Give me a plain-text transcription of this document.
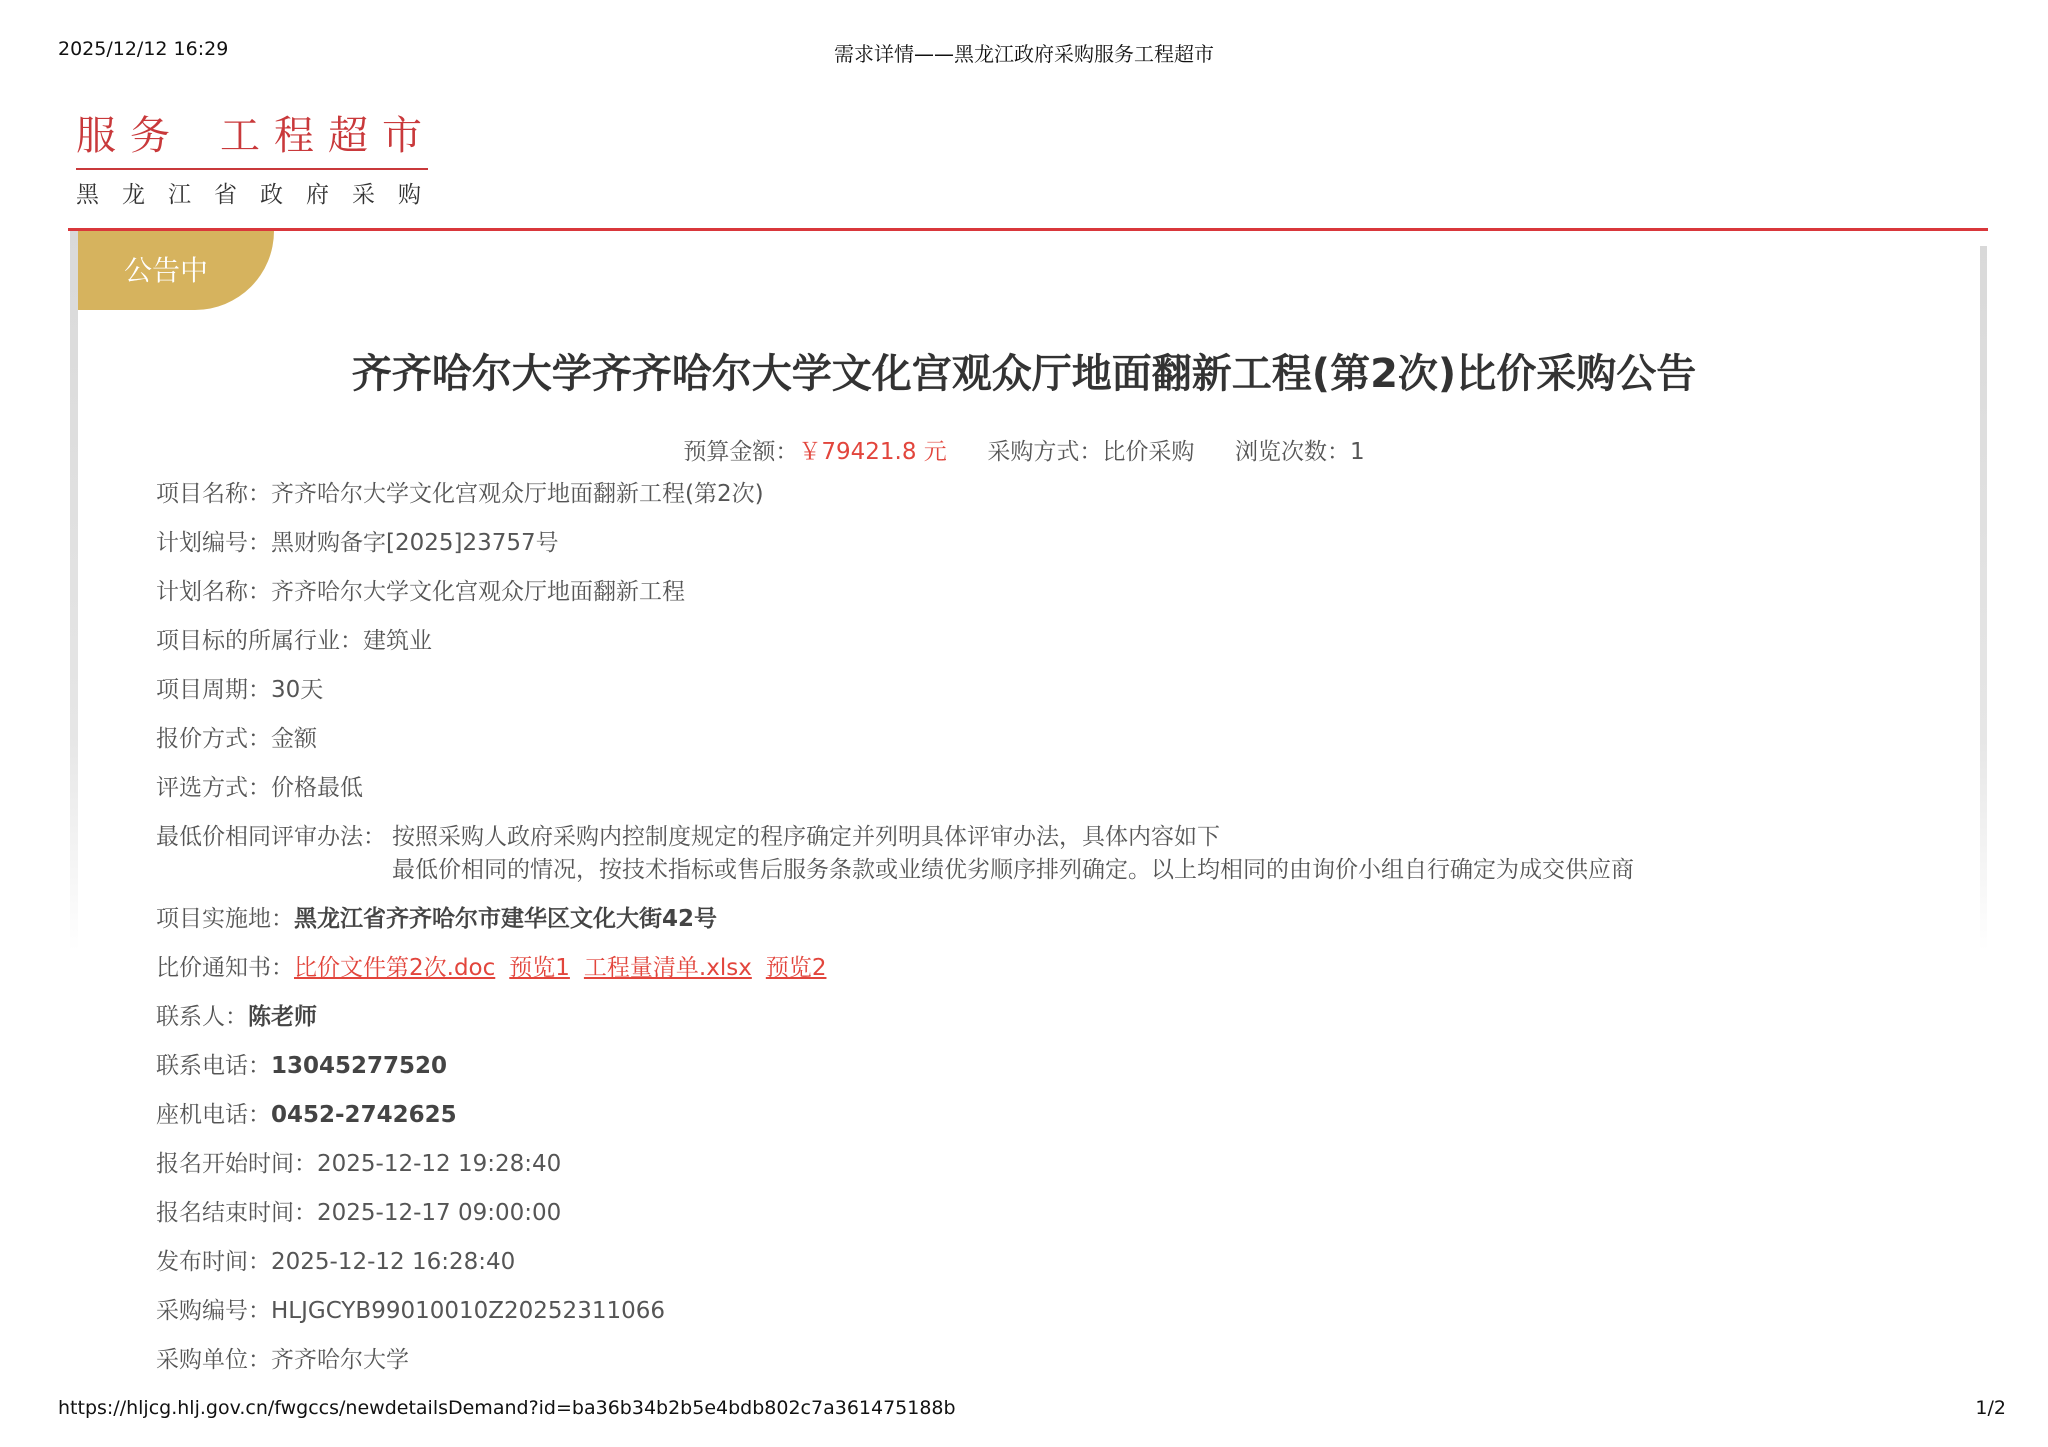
2025/12/12 16:29	需求详情——黑龙江政府采购服务工程超市
服务 工程超市
黑龙江省政府采购
公告中
齐齐哈尔大学齐齐哈尔大学文化宫观众厅地面翻新工程(第2次)比价采购公告
预算金额：￥79421.8 元 采购方式：比价采购 浏览次数：1
项目名称：齐齐哈尔大学文化宫观众厅地面翻新工程(第2次)
计划编号：黑财购备字[2025]23757号
计划名称：齐齐哈尔大学文化宫观众厅地面翻新工程
项目标的所属行业：建筑业
项目周期：30天
报价方式：金额
评选方式：价格最低
最低价相同评审办法： 按照采购人政府采购内控制度规定的程序确定并列明具体评审办法，具体内容如下
最低价相同的情况，按技术指标或售后服务条款或业绩优劣顺序排列确定。以上均相同的由询价小组自行确定为成交供应商
项目实施地：黑龙江省齐齐哈尔市建华区文化大街42号
比价通知书：比价文件第2次.doc 预览1 工程量清单.xlsx 预览2
联系人：陈老师
联系电话：13045277520
座机电话：0452-2742625
报名开始时间：2025-12-12 19:28:40
报名结束时间：2025-12-17 09:00:00
发布时间：2025-12-12 16:28:40
采购编号：HLJGCYB99010010Z20252311066
采购单位：齐齐哈尔大学
https://hljcg.hlj.gov.cn/fwgccs/newdetailsDemand?id=ba36b34b2b5e4bdb802c7a361475188b	1/2
